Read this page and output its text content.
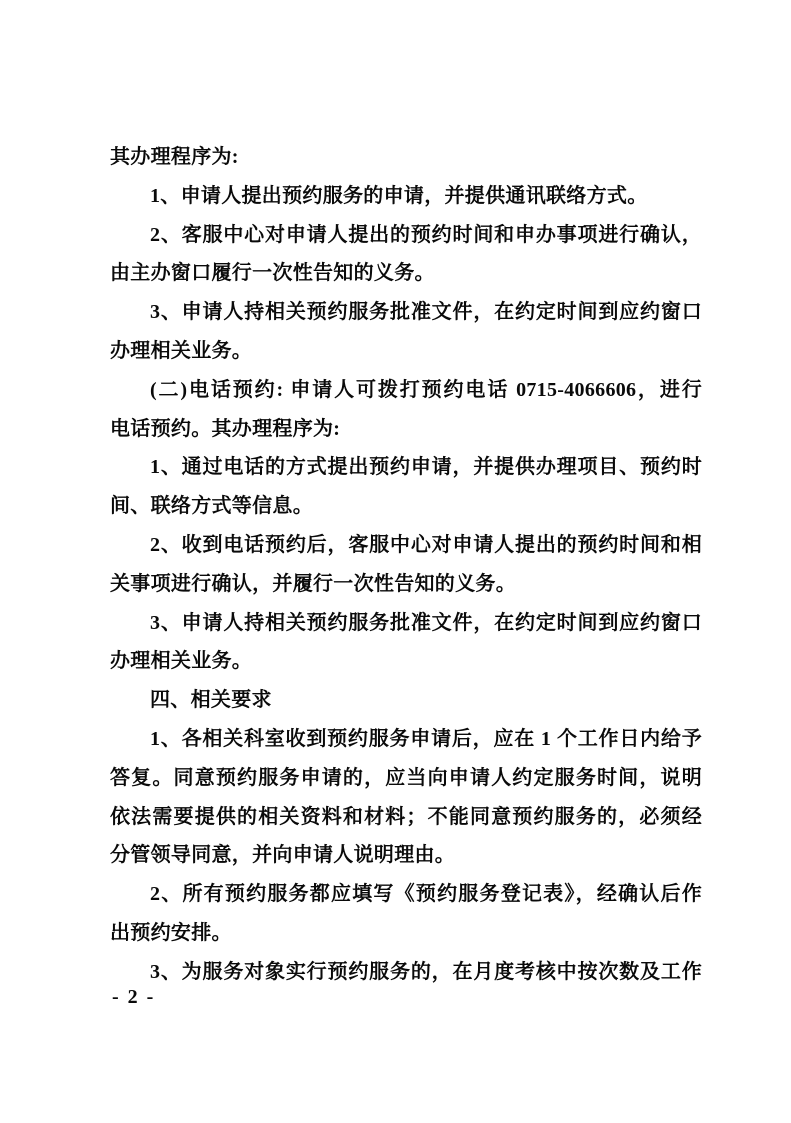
其办理程序为:
1、申请人提出预约服务的申请，并提供通讯联络方式。
2、客服中心对申请人提出的预约时间和申办事项进行确认，
由主办窗口履行一次性告知的义务。
3、申请人持相关预约服务批准文件，在约定时间到应约窗口
办理相关业务。
(二)电话预约: 申请人可拨打预约电话 0715-4066606，进行
电话预约。其办理程序为:
1、通过电话的方式提出预约申请，并提供办理项目、预约时
间、联络方式等信息。
2、收到电话预约后，客服中心对申请人提出的预约时间和相
关事项进行确认，并履行一次性告知的义务。
3、申请人持相关预约服务批准文件，在约定时间到应约窗口
办理相关业务。
四、相关要求
1、各相关科室收到预约服务申请后，应在 1 个工作日内给予
答复。同意预约服务申请的，应当向申请人约定服务时间，说明
依法需要提供的相关资料和材料；不能同意预约服务的，必须经
分管领导同意，并向申请人说明理由。
2、所有预约服务都应填写《预约服务登记表》，经确认后作
出预约安排。
3、为服务对象实行预约服务的，在月度考核中按次数及工作
- 2 -
